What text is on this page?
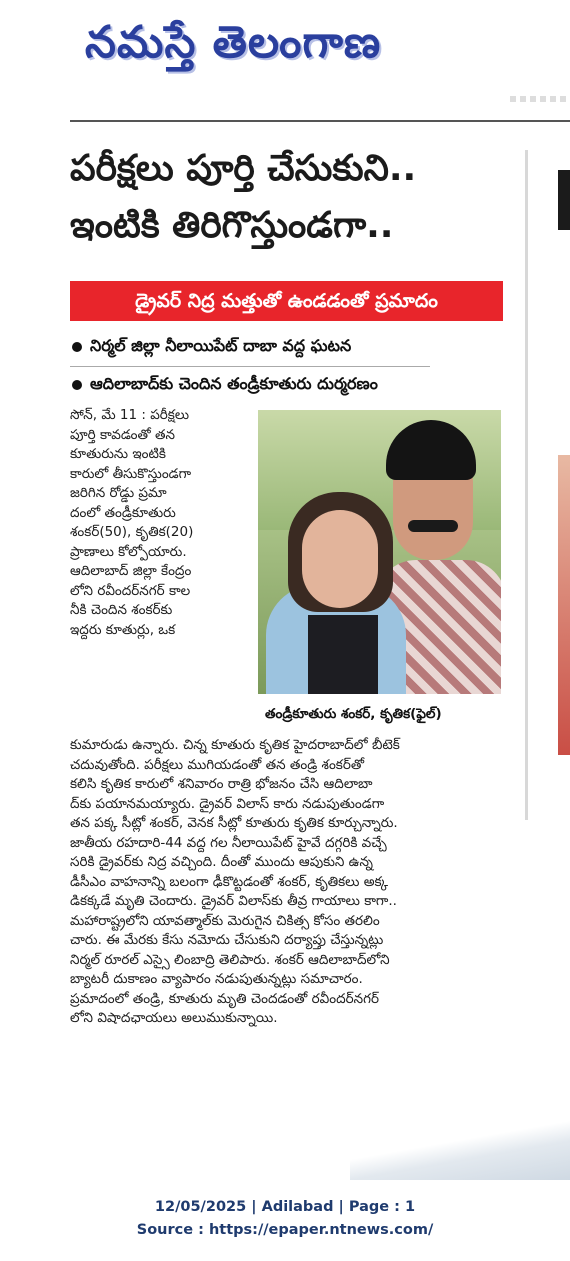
నమస్తే తెలంగాణ
పరీక్షలు పూర్తి చేసుకుని..
ఇంటికి తిరిగొస్తుండగా..
డ్రైవర్ నిద్ర మత్తుతో ఉండడంతో ప్రమాదం
నిర్మల్ జిల్లా నీలాయిపేట్ దాబా వద్ద ఘటన
ఆదిలాబాద్‌కు చెందిన తండ్రీకూతురు దుర్మరణం
సోన్, మే 11 : పరీక్షలు
పూర్తి కావడంతో తన
కూతురును ఇంటికి
కారులో తీసుకొస్తుండగా
జరిగిన రోడ్డు ప్రమా
దంలో తండ్రీకూతురు
శంకర్(50), కృతిక(20)
ప్రాణాలు కోల్పోయారు.
ఆదిలాబాద్ జిల్లా కేంద్రం
లోని రవీందర్‌నగర్ కాల
నీకి చెందిన శంకర్‌కు
ఇద్దరు కూతుర్లు, ఒక
తండ్రీకూతురు శంకర్, కృతిక(ఫైల్)
కుమారుడు ఉన్నారు. చిన్న కూతురు కృతిక హైదరాబాద్‌లో బీటెక్
చదువుతోంది. పరీక్షలు ముగియడంతో తన తండ్రి శంకర్‌తో
కలిసి కృతిక కారులో శనివారం రాత్రి భోజనం చేసి ఆదిలాబా
ద్‌కు పయానమయ్యారు. డ్రైవర్ విలాస్ కారు నడుపుతుండగా
తన పక్క సీట్లో శంకర్, వెనక సీట్లో కూతురు కృతిక కూర్చున్నారు.
జాతీయ రహదారి-44 వద్ద గల నీలాయిపేట్ హైవే దగ్గరికి వచ్చే
సరికి డ్రైవర్‌కు నిద్ర వచ్చింది. దీంతో ముందు ఆపుకుని ఉన్న
డీసీఎం వాహనాన్ని బలంగా ఢీకొట్టడంతో శంకర్, కృతికలు అక్క
డికక్కడే మృతి చెందారు. డ్రైవర్ విలాస్‌కు తీవ్ర గాయాలు కాగా..
మహారాష్ట్రలోని యావత్మాల్‌కు మెరుగైన చికిత్స కోసం తరలిం
చారు. ఈ మేరకు కేసు నమోదు చేసుకుని దర్యాప్తు చేస్తున్నట్లు
నిర్మల్ రూరల్ ఎస్సై లింబాద్రి తెలిపారు. శంకర్ ఆదిలాబాద్‌లోని
బ్యాటరీ దుకాణం వ్యాపారం నడుపుతున్నట్లు సమాచారం.
ప్రమాదంలో తండ్రి, కూతురు మృతి చెందడంతో రవీందర్‌నగర్
లోని విషాదఛాయలు అలుముకున్నాయి.
12/05/2025 | Adilabad | Page : 1
Source : https://epaper.ntnews.com/
